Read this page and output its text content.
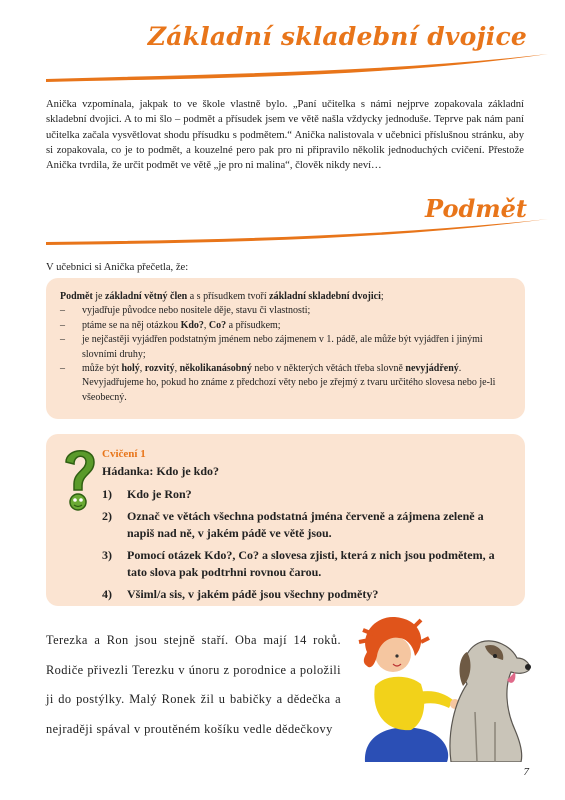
Základní skladební dvojice
Anička vzpomínala, jakpak to ve škole vlastně bylo. „Paní učitelka s námi nejprve zopakovala základní skladební dvojici. A to mi šlo – podmět a přísudek jsem ve větě našla vždycky jednoduše. Teprve pak nám paní učitelka začala vysvětlovat shodu přísudku s podmětem.“ Anička nalistovala v učebnici příslušnou stránku, aby si zopakovala, co je to podmět, a kouzelné pero pak pro ni připravilo několik jednoduchých cvičení. Přestože Anička tvrdila, že určit podmět ve větě „je pro ni malina“, člověk nikdy neví…
Podmět
V učebnici si Anička přečetla, že:
Podmět je základní větný člen a s přísudkem tvoří základní skladební dvojici;
–	vyjadřuje původce nebo nositele děje, stavu či vlastnosti;
–	ptáme se na něj otázkou Kdo?, Co? a přísudkem;
–	je nejčastěji vyjádřen podstatným jménem nebo zájmenem v 1. pádě, ale může být vyjádřen i jinými slovními druhy;
–	může být holý, rozvitý, několikanásobný nebo v některých větách třeba slovně nevyjádřený. Nevyjadřujeme ho, pokud ho známe z předchozí věty nebo je zřejmý z tvaru určitého slovesa nebo je-li všeobecný.
Cvičení 1
Hádanka: Kdo je kdo?
1)	Kdo je Ron?
2)	Označ ve větách všechna podstatná jména červeně a zájmena zeleně a napiš nad ně, v jakém pádě ve větě jsou.
3)	Pomocí otázek Kdo?, Co? a slovesa zjisti, která z nich jsou podmětem, a tato slova pak podtrhni rovnou čarou.
4)	Všiml/a sis, v jakém pádě jsou všechny podměty?
Terezka a Ron jsou stejně staří. Oba mají 14 roků. Rodiče přivezli Terezku v únoru z porodnice a položili ji do postýlky. Malý Ronek žil u babičky a dědečka a nejraději spával v proutěném košíku vedle dědečkovy
7
